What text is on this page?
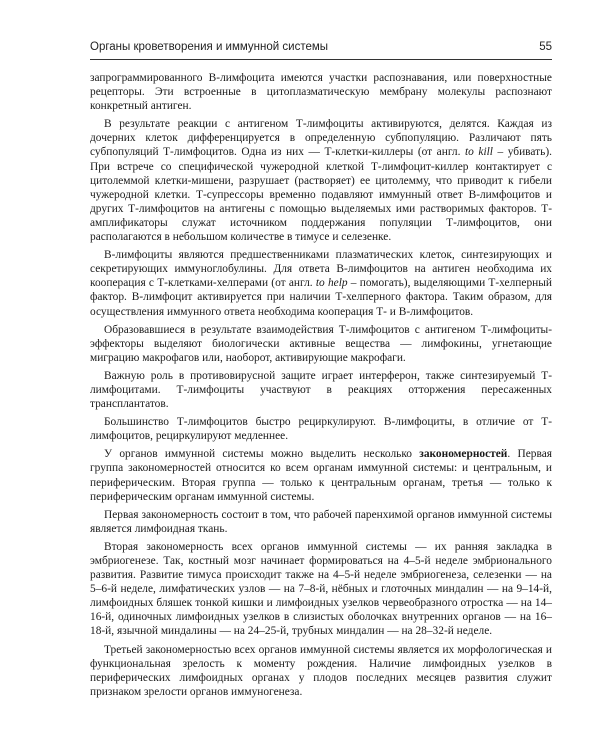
Органы кроветворения и иммунной системы	55

запрограммированного В-лимфоцита имеются участки распознавания, или поверхностные рецепторы. Эти встроенные в цитоплазматическую мембрану молекулы распознают конкретный антиген.

В результате реакции с антигеном Т-лимфоциты активируются, делятся. Каждая из дочерних клеток дифференцируется в определенную субпопуляцию. Различают пять субпопуляций Т-лимфоцитов. Одна из них — Т-клетки-киллеры (от англ. to kill – убивать). При встрече со специфической чужеродной клеткой Т-лимфоцит-киллер контактирует с цитолеммой клетки-мишени, разрушает (растворяет) ее цитолемму, что приводит к гибели чужеродной клетки. Т-супрессоры временно подавляют иммунный ответ В-лимфоцитов и других Т-лимфоцитов на антигены с помощью выделяемых ими растворимых факторов. Т-амплификаторы служат источником поддержания популяции Т-лимфоцитов, они располагаются в небольшом количестве в тимусе и селезенке.

В-лимфоциты являются предшественниками плазматических клеток, синтезирующих и секретирующих иммуноглобулины. Для ответа В-лимфоцитов на антиген необходима их кооперация с Т-клетками-хелперами (от англ. to help – помогать), выделяющими Т-хелперный фактор. В-лимфоцит активируется при наличии Т-хелперного фактора. Таким образом, для осуществления иммунного ответа необходима кооперация Т- и В-лимфоцитов.

Образовавшиеся в результате взаимодействия Т-лимфоцитов с антигеном Т-лимфоциты-эффекторы выделяют биологически активные вещества — лимфокины, угнетающие миграцию макрофагов или, наоборот, активирующие макрофаги.

Важную роль в противовирусной защите играет интерферон, также синтезируемый Т-лимфоцитами. Т-лимфоциты участвуют в реакциях отторжения пересаженных трансплантатов.

Большинство Т-лимфоцитов быстро рециркулируют. В-лимфоциты, в отличие от Т-лимфоцитов, рециркулируют медленнее.

У органов иммунной системы можно выделить несколько закономерностей. Первая группа закономерностей относится ко всем органам иммунной системы: и центральным, и периферическим. Вторая группа — только к центральным органам, третья — только к периферическим органам иммунной системы.

Первая закономерность состоит в том, что рабочей паренхимой органов иммунной системы является лимфоидная ткань.

Вторая закономерность всех органов иммунной системы — их ранняя закладка в эмбриогенезе. Так, костный мозг начинает формироваться на 4–5-й неделе эмбрионального развития. Развитие тимуса происходит также на 4–5-й неделе эмбриогенеза, селезенки — на 5–6-й неделе, лимфатических узлов — на 7–8-й, нёбных и глоточных миндалин — на 9–14-й, лимфоидных бляшек тонкой кишки и лимфоидных узелков червеобразного отростка — на 14–16-й, одиночных лимфоидных узелков в слизистых оболочках внутренних органов — на 16–18-й, язычной миндалины — на 24–25-й, трубных миндалин — на 28–32-й неделе.

Третьей закономерностью всех органов иммунной системы является их морфологическая и функциональная зрелость к моменту рождения. Наличие лимфоидных узелков в периферических лимфоидных органах у плодов последних месяцев развития служит признаком зрелости органов иммуногенеза.
